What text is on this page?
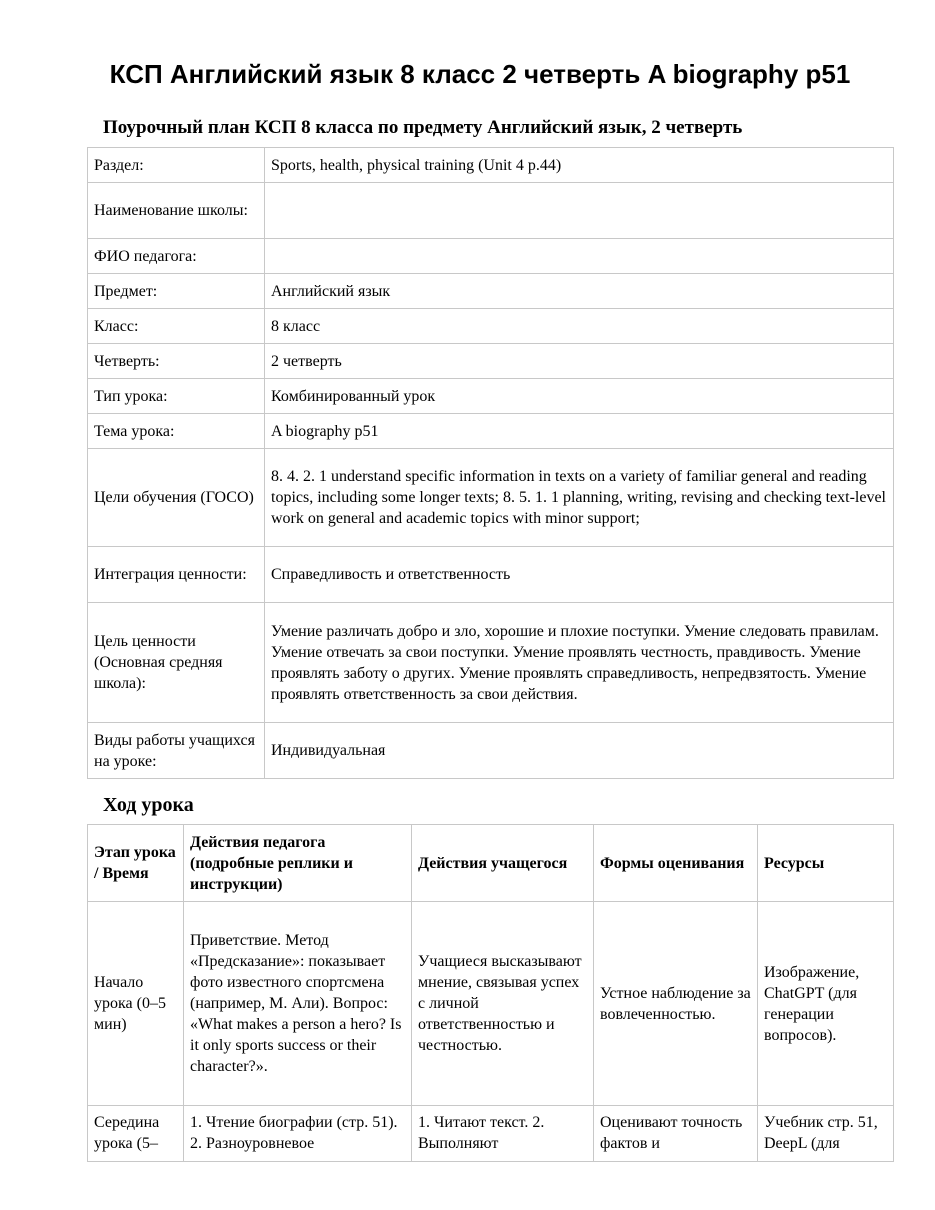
КСП Английский язык 8 класс 2 четверть A biography p51

Поурочный план КСП 8 класса по предмету Английский язык, 2 четверть

Раздел:	Sports, health, physical training (Unit 4 p.44)
Наименование школы:	
ФИО педагога:	
Предмет:	Английский язык
Класс:	8 класс
Четверть:	2 четверть
Тип урока:	Комбинированный урок
Тема урока:	A biography p51
Цели обучения (ГОСО)	8. 4. 2. 1 understand specific information in texts on a variety of familiar general and reading topics, including some longer texts; 8. 5. 1. 1 planning, writing, revising and checking text-level work on general and academic topics with minor support;
Интеграция ценности:	Справедливость и ответственность
Цель ценности (Основная средняя школа):	Умение различать добро и зло, хорошие и плохие поступки. Умение следовать правилам. Умение отвечать за свои поступки. Умение проявлять честность, правдивость. Умение проявлять заботу о других. Умение проявлять справедливость, непредвзятость. Умение проявлять ответственность за свои действия.
Виды работы учащихся на уроке:	Индивидуальная
Ход урока
Этап урока / Время	Действия педагога (подробные реплики и инструкции)	Действия учащегося	Формы оценивания	Ресурсы
Начало урока (0–5 мин)	Приветствие. Метод «Предсказание»: показывает фото известного спортсмена (например, М. Али). Вопрос: «What makes a person a hero? Is it only sports success or their character?».	Учащиеся высказывают мнение, связывая успех с личной ответственностью и честностью.	Устное наблюдение за вовлеченностью.	Изображение, ChatGPT (для генерации вопросов).
Середина урока (5–	1. Чтение биографии (стр. 51). 2. Разноуровневое	1. Читают текст. 2. Выполняют	Оценивают точность фактов и	Учебник стр. 51, DeepL (для
